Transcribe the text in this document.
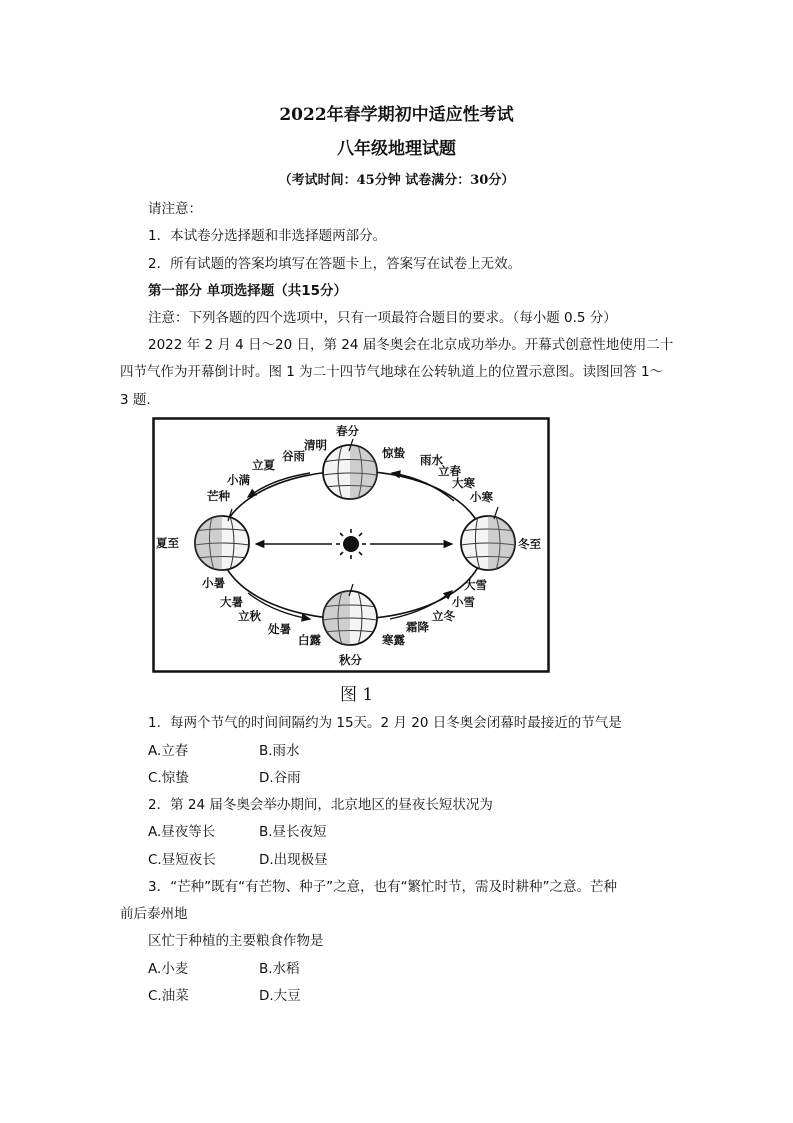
2022年春学期初中适应性考试
八年级地理试题
（考试时间：45分钟 试卷满分：30分）
请注意：
1．本试卷分选择题和非选择题两部分。
2．所有试题的答案均填写在答题卡上，答案写在试卷上无效。
第一部分 单项选择题（共15分）
注意：下列各题的四个选项中，只有一项最符合题目的要求。（每小题 0.5 分）
2022 年 2 月 4 日～20 日，第 24 届冬奥会在北京成功举办。开幕式创意性地使用二十
四节气作为开幕倒计时。图 1 为二十四节气地球在公转轨道上的位置示意图。读图回答 1～
3 题.
春分
清明
惊蛰
谷雨
立夏	雨水
立春
小满	大寒
芒种	小寒
夏至	冬至
小暑	大雪
大暑	小雪
立秋	立冬
处暑	霜降
白露	寒露
秋分
图 1
1．每两个节气的时间间隔约为 15天。2 月 20 日冬奥会闭幕时最接近的节气是
A.立春	B.雨水
C.惊蛰	D.谷雨
2．第 24 届冬奥会举办期间，北京地区的昼夜长短状况为
A.昼夜等长	B.昼长夜短
C.昼短夜长	D.出现极昼
3．“芒种”既有“有芒物、种子”之意，也有“繁忙时节，需及时耕种”之意。芒种
前后泰州地
区忙于种植的主要粮食作物是
A.小麦	B.水稻
C.油菜	D.大豆
